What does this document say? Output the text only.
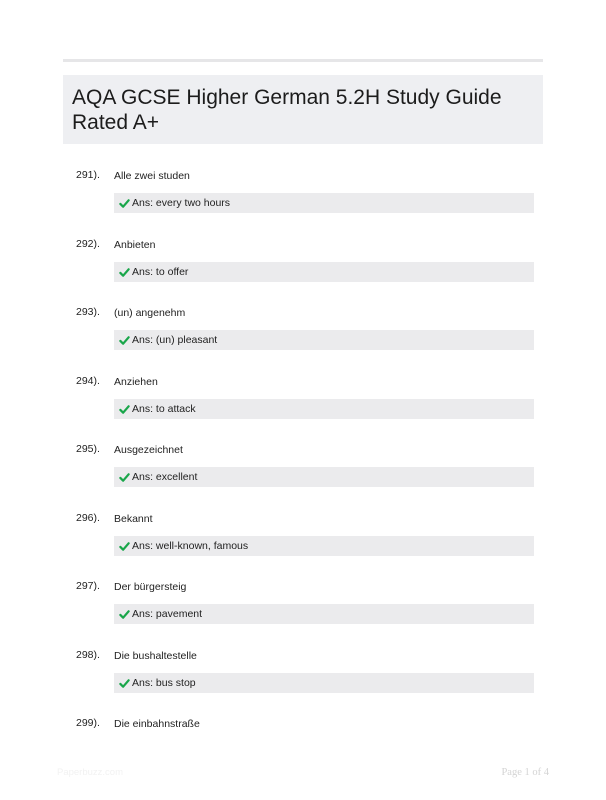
AQA GCSE Higher German 5.2H Study Guide Rated A+
291). Alle zwei studen
Ans: every two hours
292). Anbieten
Ans: to offer
293). (un) angenehm
Ans: (un) pleasant
294). Anziehen
Ans: to attack
295). Ausgezeichnet
Ans: excellent
296). Bekannt
Ans: well-known, famous
297). Der bürgersteig
Ans: pavement
298). Die bushaltestelle
Ans: bus stop
299). Die einbahnstraße
Paperbuzz.com	Page 1 of 4
